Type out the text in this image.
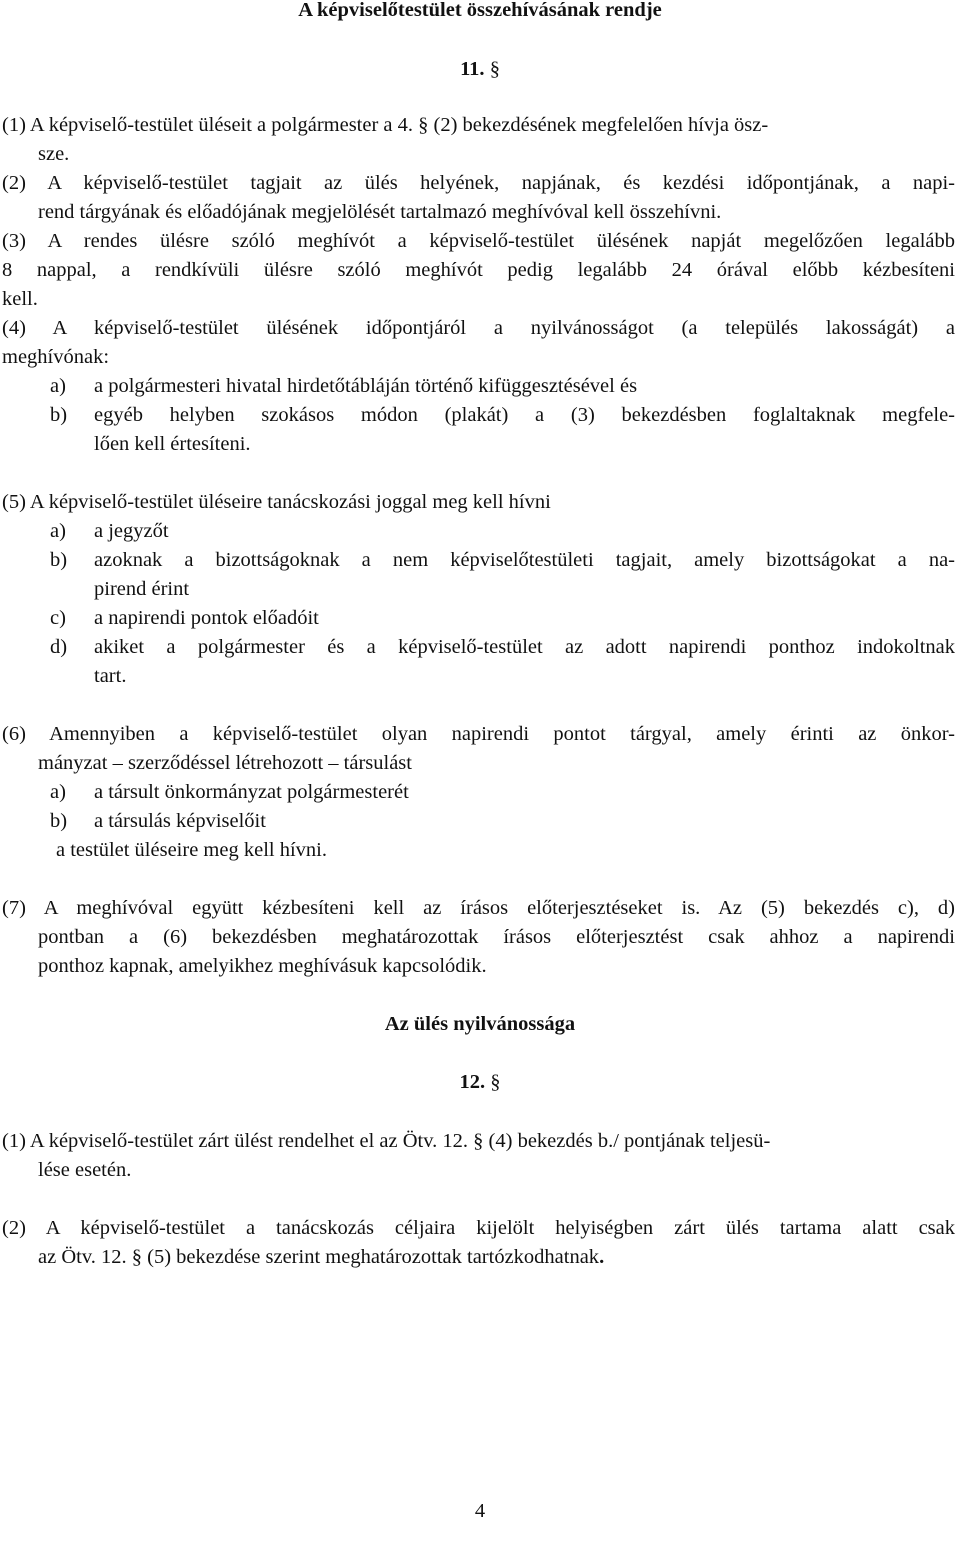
A képviselőtestület összehívásának rendje
11. §
(1) A képviselő-testület üléseit a polgármester a 4. § (2) bekezdésének megfelelően hívja ösz-
sze.
(2) A képviselő-testület tagjait az ülés helyének, napjának, és kezdési időpontjának, a napi-
rend tárgyának és előadójának megjelölését tartalmazó meghívóval kell összehívni.
(3) A rendes ülésre szóló meghívót a képviselő-testület ülésének napját megelőzően legalább
8 nappal, a rendkívüli ülésre szóló meghívót pedig legalább 24 órával előbb kézbesíteni
kell.
(4) A képviselő-testület ülésének időpontjáról a nyilvánosságot (a település lakosságát) a
meghívónak:
a) a polgármesteri hivatal hirdetőtábláján történő kifüggesztésével és
b) egyéb helyben szokásos módon (plakát) a (3) bekezdésben foglaltaknak megfele-
lően kell értesíteni.
(5) A képviselő-testület üléseire tanácskozási joggal meg kell hívni
a) a jegyzőt
b) azoknak a bizottságoknak a nem képviselőtestületi tagjait, amely bizottságokat a na-
pirend érint
c) a napirendi pontok előadóit
d) akiket a polgármester és a képviselő-testület az adott napirendi ponthoz indokoltnak
tart.
(6) Amennyiben a képviselő-testület olyan napirendi pontot tárgyal, amely érinti az önkor-
mányzat – szerződéssel létrehozott – társulást
a) a társult önkormányzat polgármesterét
b) a társulás képviselőit
a testület üléseire meg kell hívni.
(7) A meghívóval együtt kézbesíteni kell az írásos előterjesztéseket is. Az (5) bekezdés c), d)
pontban a (6) bekezdésben meghatározottak írásos előterjesztést csak ahhoz a napirendi
ponthoz kapnak, amelyikhez meghívásuk kapcsolódik.
Az ülés nyilvánossága
12. §
(1) A képviselő-testület zárt ülést rendelhet el az Ötv. 12. § (4) bekezdés b./ pontjának teljesü-
lése esetén.
(2) A képviselő-testület a tanácskozás céljaira kijelölt helyiségben zárt ülés tartama alatt csak
az Ötv. 12. § (5) bekezdése szerint meghatározottak tartózkodhatnak.
4
